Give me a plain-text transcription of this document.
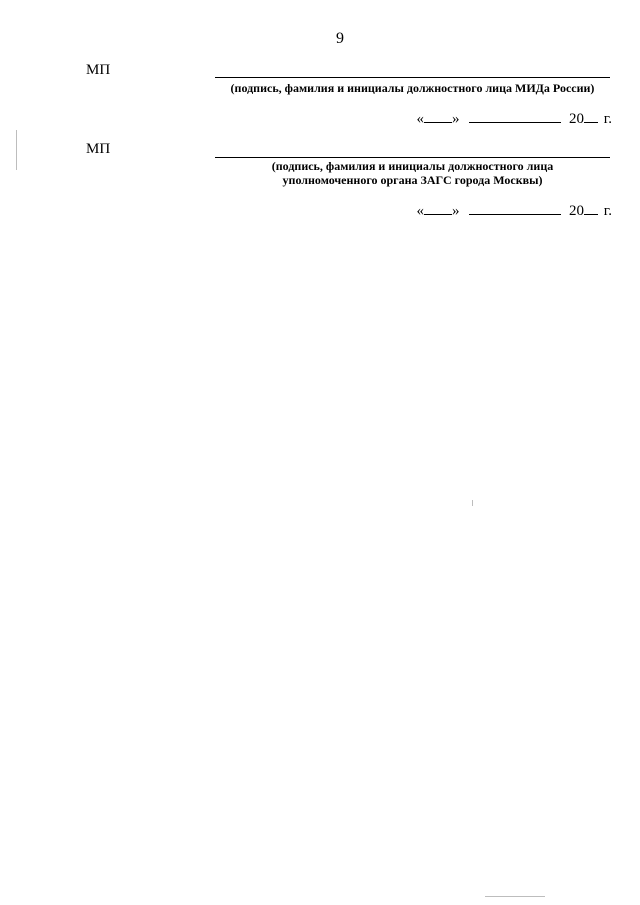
9
МП
(подпись, фамилия и инициалы должностного лица МИДа России)
« »	20 г.
МП
(подпись, фамилия и инициалы должностного лица
уполномоченного органа ЗАГС города Москвы)
« »	20 г.
